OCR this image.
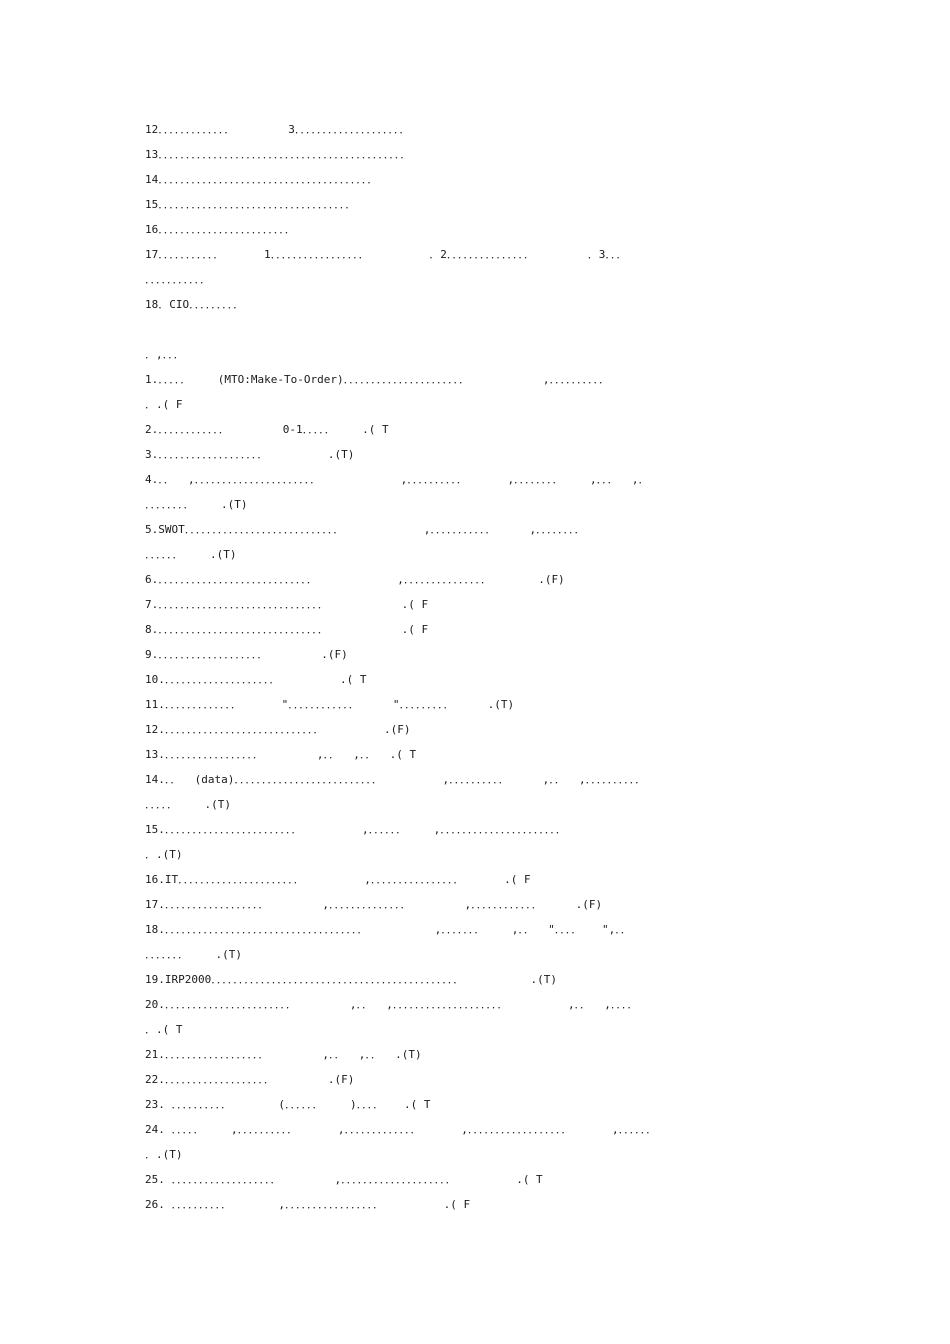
12．．．．．．．．．．．．．        3．．．．．．．．．．．．．．．．．．．．
13．．．．．．．．．．．．．．．．．．．．．．．．．．．．．．．．．．．．．．．．．．．．．
14．．．．．．．．．．．．．．．．．．．．．．．．．．．．．．．．．．．．．．．
15．．．．．．．．．．．．．．．．．．．．．．．．．．．．．．．．．．．
16．．．．．．．．．．．．．．．．．．．．．．．．
17．．．．．．．．．．．      1．．．．．．．．．．．．．．．．．         ．2．．．．．．．．．．．．．．．        ．3．．．
．．．．．．．．．．．
18．CIO．．．．．．．．．
．,．．．
1.．．．．．    (MTO:Make-To-Order)．．．．．．．．．．．．．．．．．．．．．．           ,．．．．．．．．．．
．.( F
2.．．．．．．．．．．．．        0-1．．．．．    .( T
3.．．．．．．．．．．．．．．．．．．．         .(T)
4.．．  ,．．．．．．．．．．．．．．．．．．．．．．            ,．．．．．．．．．．      ,．．．．．．．．    ,．．．  ,．
．．．．．．．．    .(T)
5.SWOT．．．．．．．．．．．．．．．．．．．．．．．．．．．．            ,．．．．．．．．．．．     ,．．．．．．．．
．．．．．．    .(T)
6.．．．．．．．．．．．．．．．．．．．．．．．．．．．．            ,．．．．．．．．．．．．．．．       .(F)
7.．．．．．．．．．．．．．．．．．．．．．．．．．．．．．．           .( F
8.．．．．．．．．．．．．．．．．．．．．．．．．．．．．．．           .( F
9.．．．．．．．．．．．．．．．．．．．        .(F)
10.．．．．．．．．．．．．．．．．．．．．         .( T
11.．．．．．．．．．．．．．      "．．．．．．．．．．．．     "．．．．．．．．．     .(T)
12.．．．．．．．．．．．．．．．．．．．．．．．．．．．．         .(F)
13.．．．．．．．．．．．．．．．．．        ,．．  ,．．  .( T
14.．．  (data)．．．．．．．．．．．．．．．．．．．．．．．．．．         ,．．．．．．．．．．     ,．．  ,．．．．．．．．．．
．．．．．    .(T)
15.．．．．．．．．．．．．．．．．．．．．．．．．         ,．．．．．．    ,．．．．．．．．．．．．．．．．．．．．．．
．.(T)
16.IT．．．．．．．．．．．．．．．．．．．．．．         ,．．．．．．．．．．．．．．．．      .( F
17.．．．．．．．．．．．．．．．．．．        ,．．．．．．．．．．．．．．        ,．．．．．．．．．．．．     .(F)
18.．．．．．．．．．．．．．．．．．．．．．．．．．．．．．．．．．．．．          ,．．．．．．．    ,．．  "．．．．   ",．．
．．．．．．．    .(T)
19.IRP2000．．．．．．．．．．．．．．．．．．．．．．．．．．．．．．．．．．．．．．．．．．．．．          .(T)
20.．．．．．．．．．．．．．．．．．．．．．．．        ,．．  ,．．．．．．．．．．．．．．．．．．．．         ,．．  ,．．．．
．.( T
21.．．．．．．．．．．．．．．．．．．        ,．．  ,．．  .(T)
22.．．．．．．．．．．．．．．．．．．．        .(F)
23. ．．．．．．．．．．       (．．．．．．    )．．．．   .( T
24. ．．．．．    ,．．．．．．．．．．      ,．．．．．．．．．．．．．      ,．．．．．．．．．．．．．．．．．．      ,．．．．．．
．.(T)
25. ．．．．．．．．．．．．．．．．．．．        ,．．．．．．．．．．．．．．．．．．．．         .( T
26. ．．．．．．．．．．       ,．．．．．．．．．．．．．．．．．         .( F
